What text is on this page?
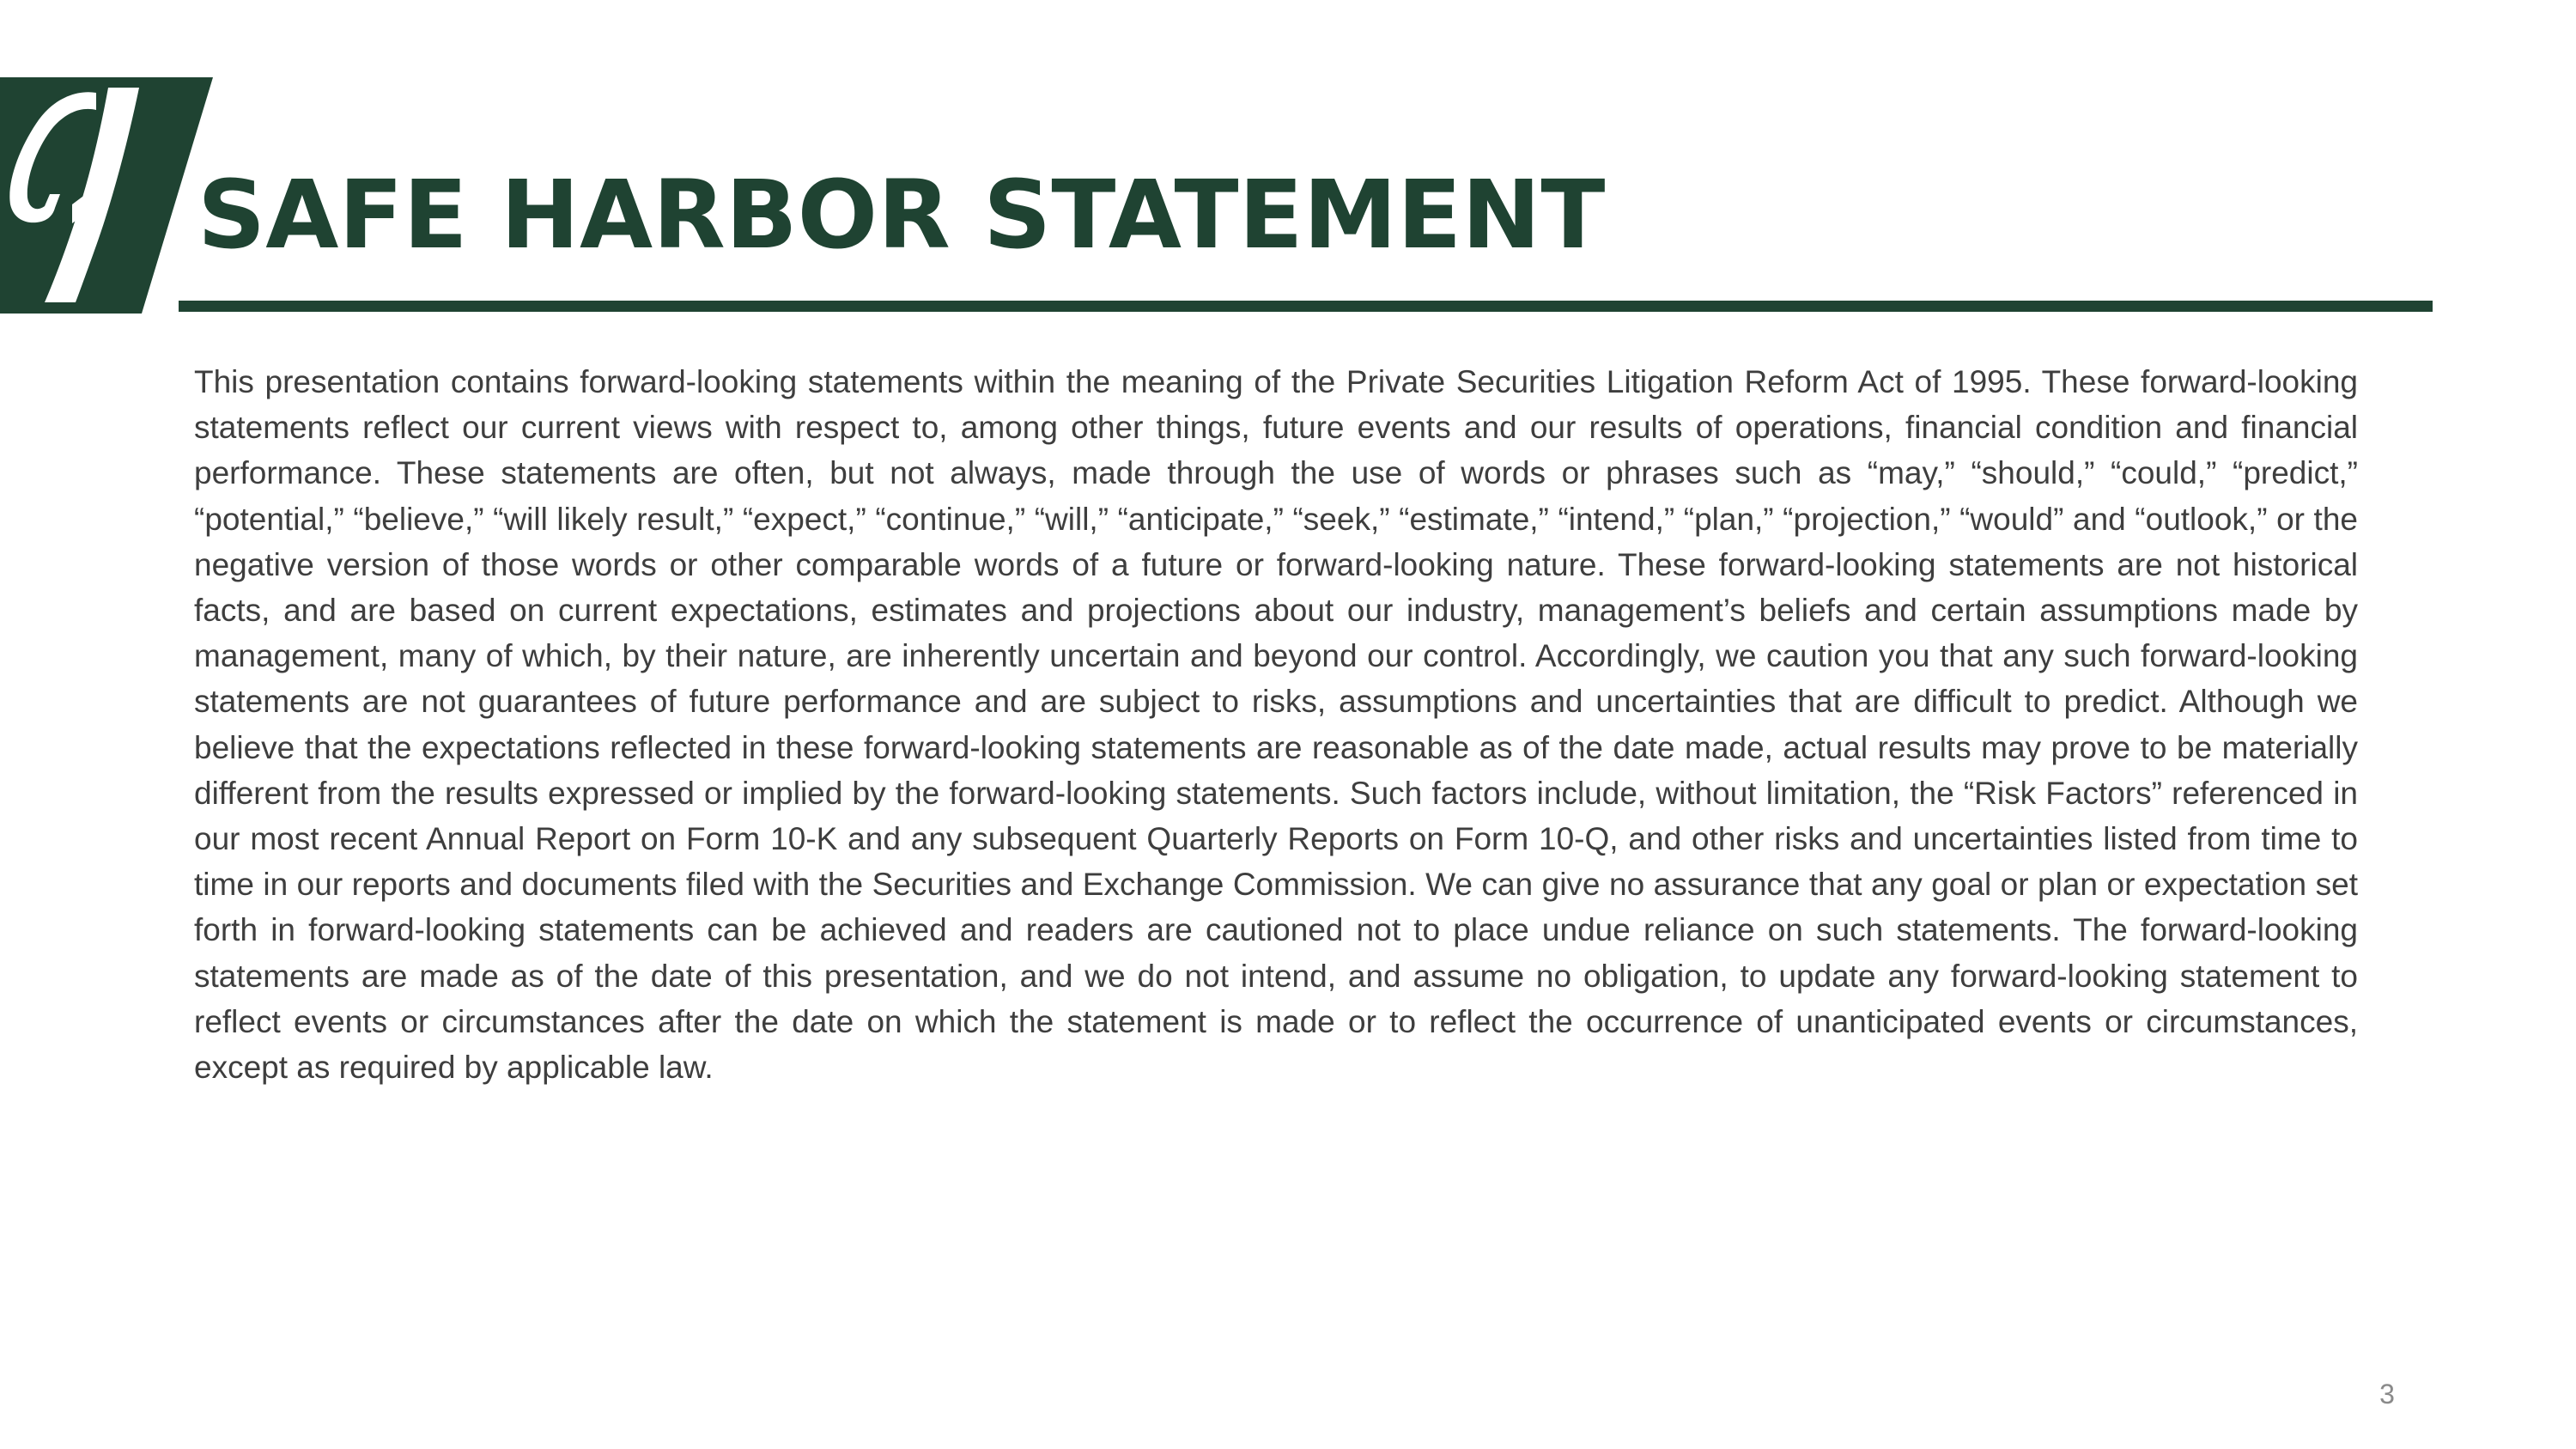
SAFE HARBOR STATEMENT

This presentation contains forward-looking statements within the meaning of the Private Securities Litigation Reform Act of 1995. These forward-looking statements reflect our current views with respect to, among other things, future events and our results of operations, financial condition and financial performance. These statements are often, but not always, made through the use of words or phrases such as “may,” “should,” “could,” “predict,” “potential,” “believe,” “will likely result,” “expect,” “continue,” “will,” “anticipate,” “seek,” “estimate,” “intend,” “plan,” “projection,” “would” and “outlook,” or the negative version of those words or other comparable words of a future or forward-looking nature. These forward-looking statements are not historical facts, and are based on current expectations, estimates and projections about our industry, management’s beliefs and certain assumptions made by management, many of which, by their nature, are inherently uncertain and beyond our control. Accordingly, we caution you that any such forward-looking statements are not guarantees of future performance and are subject to risks, assumptions and uncertainties that are difficult to predict. Although we believe that the expectations reflected in these forward-looking statements are reasonable as of the date made, actual results may prove to be materially different from the results expressed or implied by the forward-looking statements. Such factors include, without limitation, the “Risk Factors” referenced in our most recent Annual Report on Form 10-K and any subsequent Quarterly Reports on Form 10-Q, and other risks and uncertainties listed from time to time in our reports and documents filed with the Securities and Exchange Commission. We can give no assurance that any goal or plan or expectation set forth in forward-looking statements can be achieved and readers are cautioned not to place undue reliance on such statements. The forward-looking statements are made as of the date of this presentation, and we do not intend, and assume no obligation, to update any forward-looking statement to reflect events or circumstances after the date on which the statement is made or to reflect the occurrence of unanticipated events or circumstances, except as required by applicable law.

3
